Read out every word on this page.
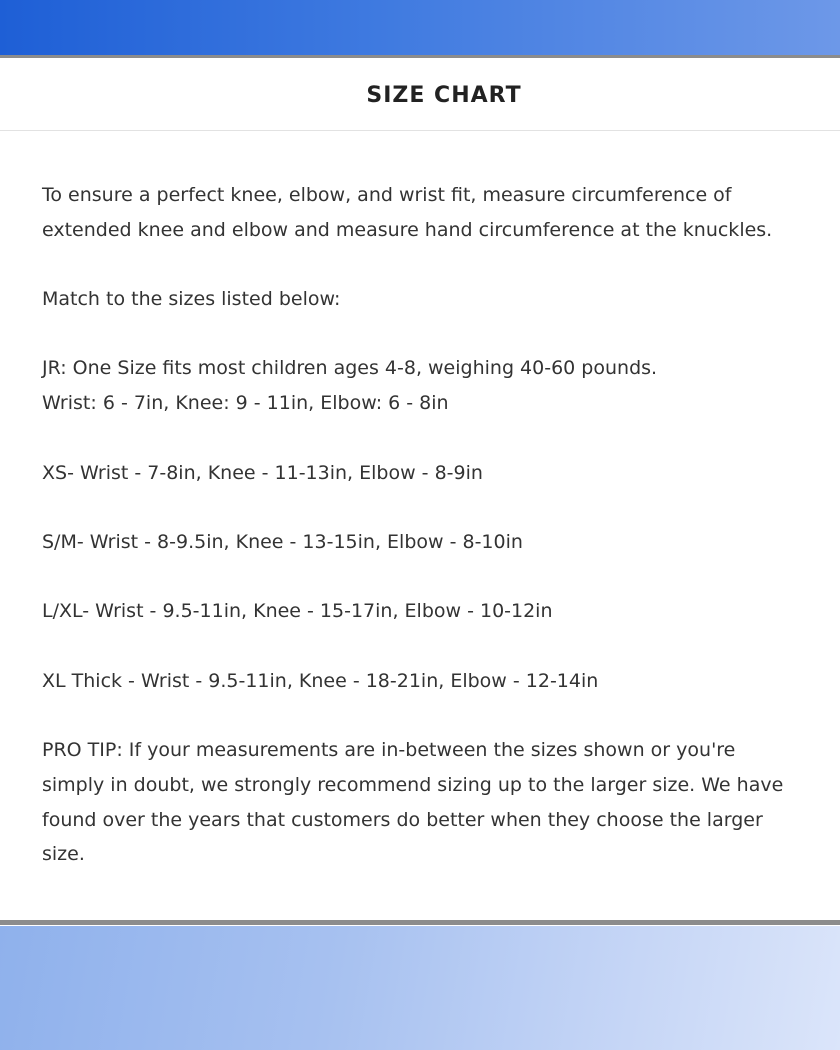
SIZE CHART

To ensure a perfect knee, elbow, and wrist fit, measure circumference of
extended knee and elbow and measure hand circumference at the knuckles.

Match to the sizes listed below:

JR: One Size fits most children ages 4-8, weighing 40-60 pounds.
Wrist: 6 - 7in, Knee: 9 - 11in, Elbow: 6 - 8in

XS- Wrist - 7-8in, Knee - 11-13in, Elbow - 8-9in

S/M- Wrist - 8-9.5in, Knee - 13-15in, Elbow - 8-10in

L/XL- Wrist - 9.5-11in, Knee - 15-17in, Elbow - 10-12in

XL Thick - Wrist - 9.5-11in, Knee - 18-21in, Elbow - 12-14in

PRO TIP: If your measurements are in-between the sizes shown or you're
simply in doubt, we strongly recommend sizing up to the larger size. We have
found over the years that customers do better when they choose the larger
size.
